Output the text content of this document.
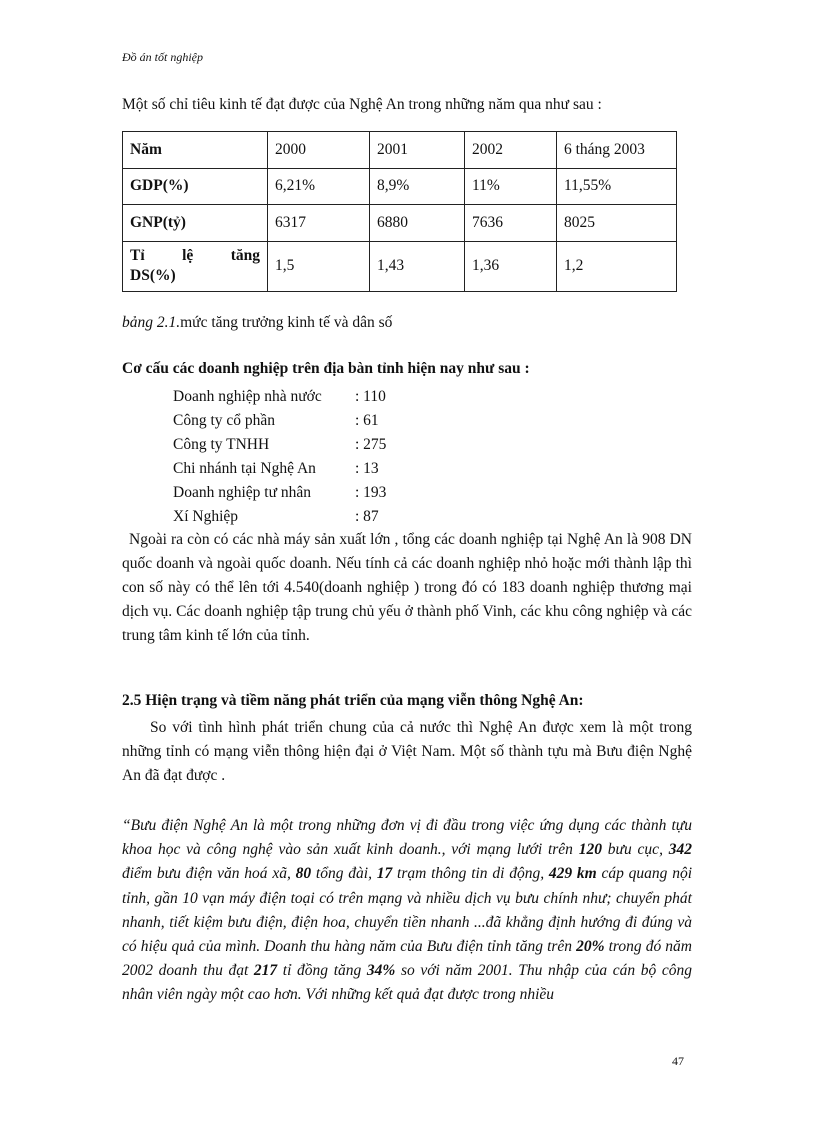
Đồ án tốt nghiệp
Một số chỉ tiêu kinh tế đạt được của Nghệ An trong những năm qua như sau :
Năm	2000	2001	2002	6 tháng 2003
GDP(%)	6,21%	8,9%	11%	11,55%
GNP(tỷ)	6317	6880	7636	8025

Tỉ lệ tăng
DS(%)	1,5	1,43	1,36	1,2
bảng 2.1.mức tăng trưởng kinh tế và dân số
Cơ cấu các doanh nghiệp trên địa bàn tỉnh hiện nay như sau :
Doanh nghiệp nhà nước : 110
Công ty cổ phần	: 61
Công ty TNHH	: 275
Chi nhánh tại Nghệ An	: 13
Doanh nghiệp tư nhân	: 193
Xí Nghiệp	: 87

Ngoài ra còn có các nhà máy sản xuất lớn , tổng các doanh nghiệp tại Nghệ An là 908 DN quốc doanh và ngoài quốc doanh. Nếu tính cả các doanh nghiệp nhỏ hoặc mới thành lập thì con số này có thể lên tới 4.540(doanh nghiệp ) trong đó có 183 doanh nghiệp thương mại dịch vụ. Các doanh nghiệp tập trung chủ yếu ở thành phố Vinh, các khu công nghiệp và các trung tâm kinh tế lớn của tỉnh.

2.5 Hiện trạng và tiềm năng phát triển của mạng viễn thông Nghệ An:

So với tình hình phát triển chung của cả nước thì Nghệ An được xem là một trong những tỉnh có mạng viễn thông hiện đại ở Việt Nam. Một số thành tựu mà Bưu điện Nghệ An đã đạt được .

“Bưu điện Nghệ An là một trong những đơn vị đi đầu trong việc ứng dụng các thành tựu khoa học và công nghệ vào sản xuất kinh doanh., với mạng lưới trên 120 bưu cục, 342 điểm bưu điện văn hoá xã, 80 tổng đài, 17 trạm thông tin di động, 429 km cáp quang nội tỉnh, gần 10 vạn máy điện toại có trên mạng và nhiều dịch vụ bưu chính như; chuyển phát nhanh, tiết kiệm bưu điện, điện hoa, chuyển tiền nhanh ...đã khẳng định hướng đi đúng và có hiệu quả của mình. Doanh thu hàng năm của Bưu điện tỉnh tăng trên 20% trong đó năm 2002 doanh thu đạt 217 tỉ đồng tăng 34% so với năm 2001. Thu nhập của cán bộ công nhân viên ngày một cao hơn. Với những kết quả đạt được trong nhiều
47
